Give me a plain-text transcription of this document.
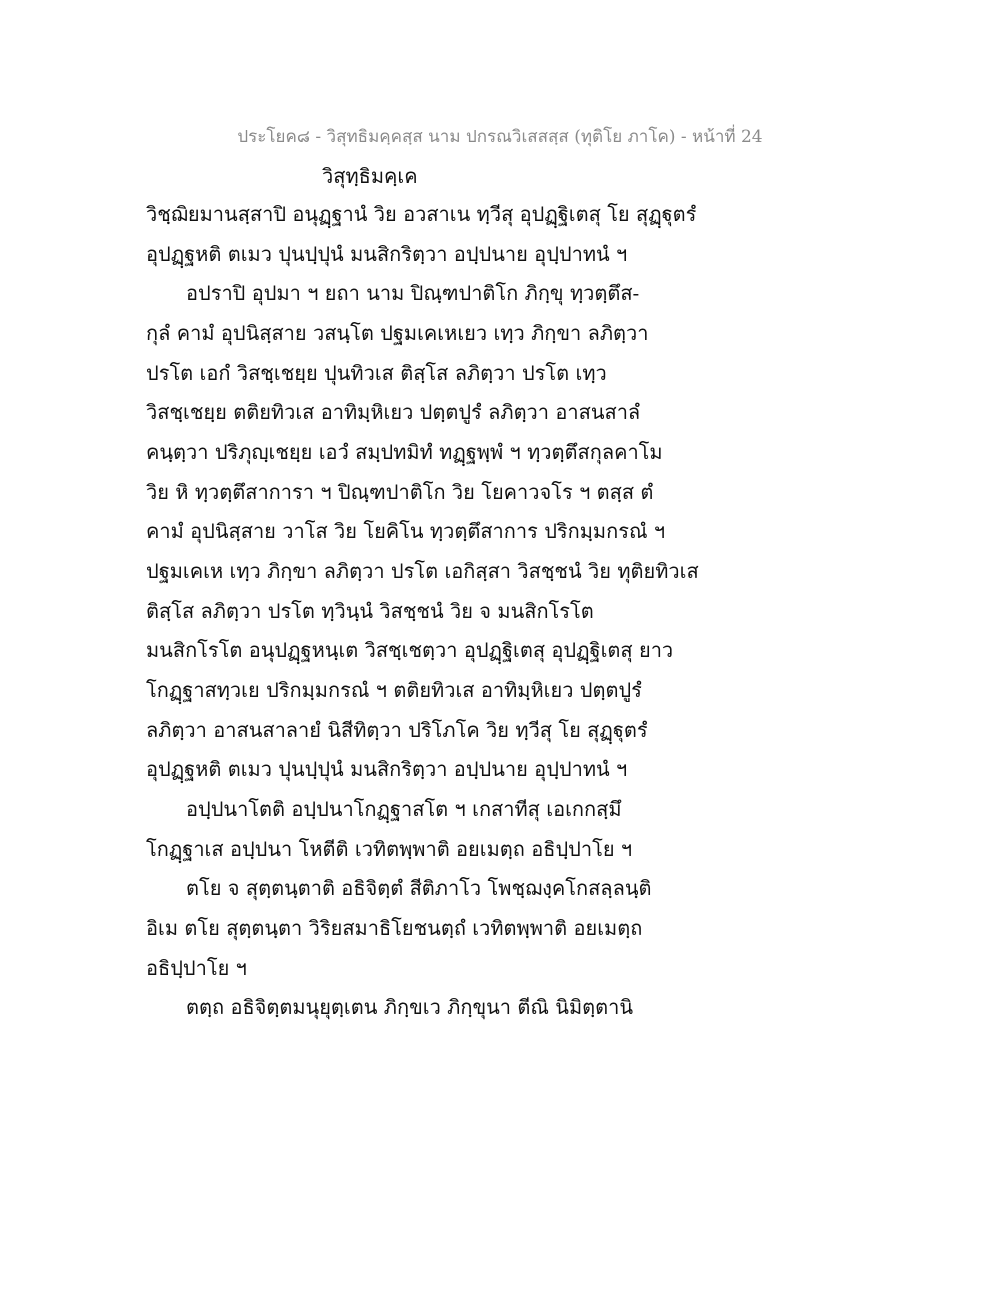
ประโยค๘ - วิสุทธิมคฺคสฺส นาม ปกรณวิเสสสฺส (ทุติโย ภาโค) - หน้าที่ 24
วิสุทฺธิมคฺเค
วิชฺฌิยมานสฺสาปิ อนุฏฺฐานํ วิย อวสาเน ทฺวีสุ อุปฏฺฐิเตสุ โย สุฏฺฐุตรํ
อุปฏฺฐหติ ตเมว ปุนปฺปุนํ มนสิกริตฺวา อปฺปนาย อุปฺปาทนํ ฯ
อปราปิ อุปมา ฯ ยถา นาม ปิณฺฑปาติโก ภิกฺขุ ทฺวตฺตึส-
กุลํ คามํ อุปนิสฺสาย วสนฺโต ปฐมเคเหเยว เทฺว ภิกฺขา ลภิตฺวา
ปรโต เอกํ วิสชฺเชยฺย ปุนทิวเส ติสฺโส ลภิตฺวา ปรโต เทฺว
วิสชฺเชยฺย ตติยทิวเส อาทิมฺหิเยว ปตฺตปูรํ ลภิตฺวา อาสนสาลํ
คนฺตฺวา ปริภุญฺเชยฺย เอวํ สมฺปทมิทํ ทฏฺฐพฺพํ ฯ ทฺวตฺตึสกุลคาโม
วิย หิ ทฺวตฺตึสาการา ฯ ปิณฺฑปาติโก วิย โยคาวจโร ฯ ตสฺส ตํ
คามํ อุปนิสฺสาย วาโส วิย โยคิโน ทฺวตฺตึสาการ ปริกมฺมกรณํ ฯ
ปฐมเคเห เทฺว ภิกฺขา ลภิตฺวา ปรโต เอกิสฺสา วิสชฺชนํ วิย ทุติยทิวเส
ติสฺโส ลภิตฺวา ปรโต ทฺวินฺนํ วิสชฺชนํ วิย จ มนสิกโรโต
มนสิกโรโต อนุปฏฺฐหนฺเต วิสชฺเชตฺวา อุปฏฺฐิเตสุ อุปฏฺฐิเตสุ ยาว
โกฏฺฐาสทฺวเย ปริกมฺมกรณํ ฯ ตติยทิวเส อาทิมฺหิเยว ปตฺตปูรํ
ลภิตฺวา อาสนสาลายํ นิสีทิตฺวา ปริโภโค วิย ทฺวีสุ โย สุฏฺฐุตรํ
อุปฏฺฐหติ ตเมว ปุนปฺปุนํ มนสิกริตฺวา อปฺปนาย อุปฺปาทนํ ฯ
อปฺปนาโตติ อปฺปนาโกฏฺฐาสโต ฯ เกสาทีสุ เอเกกสฺมึ
โกฏฺฐาเส อปฺปนา โหตีติ เวทิตพฺพาติ อยเมตฺถ อธิปฺปาโย ฯ
ตโย จ สุตฺตนฺตาติ อธิจิตฺตํ สีติภาโว โพชฺฌงฺคโกสลฺลนฺติ
อิเม ตโย สุตฺตนฺตา วิริยสมาธิโยชนตฺถํ เวทิตพฺพาติ อยเมตฺถ
อธิปฺปาโย ฯ
ตตฺถ อธิจิตฺตมนุยุตฺเตน ภิกฺขเว ภิกฺขุนา ตีณิ นิมิตฺตานิ
